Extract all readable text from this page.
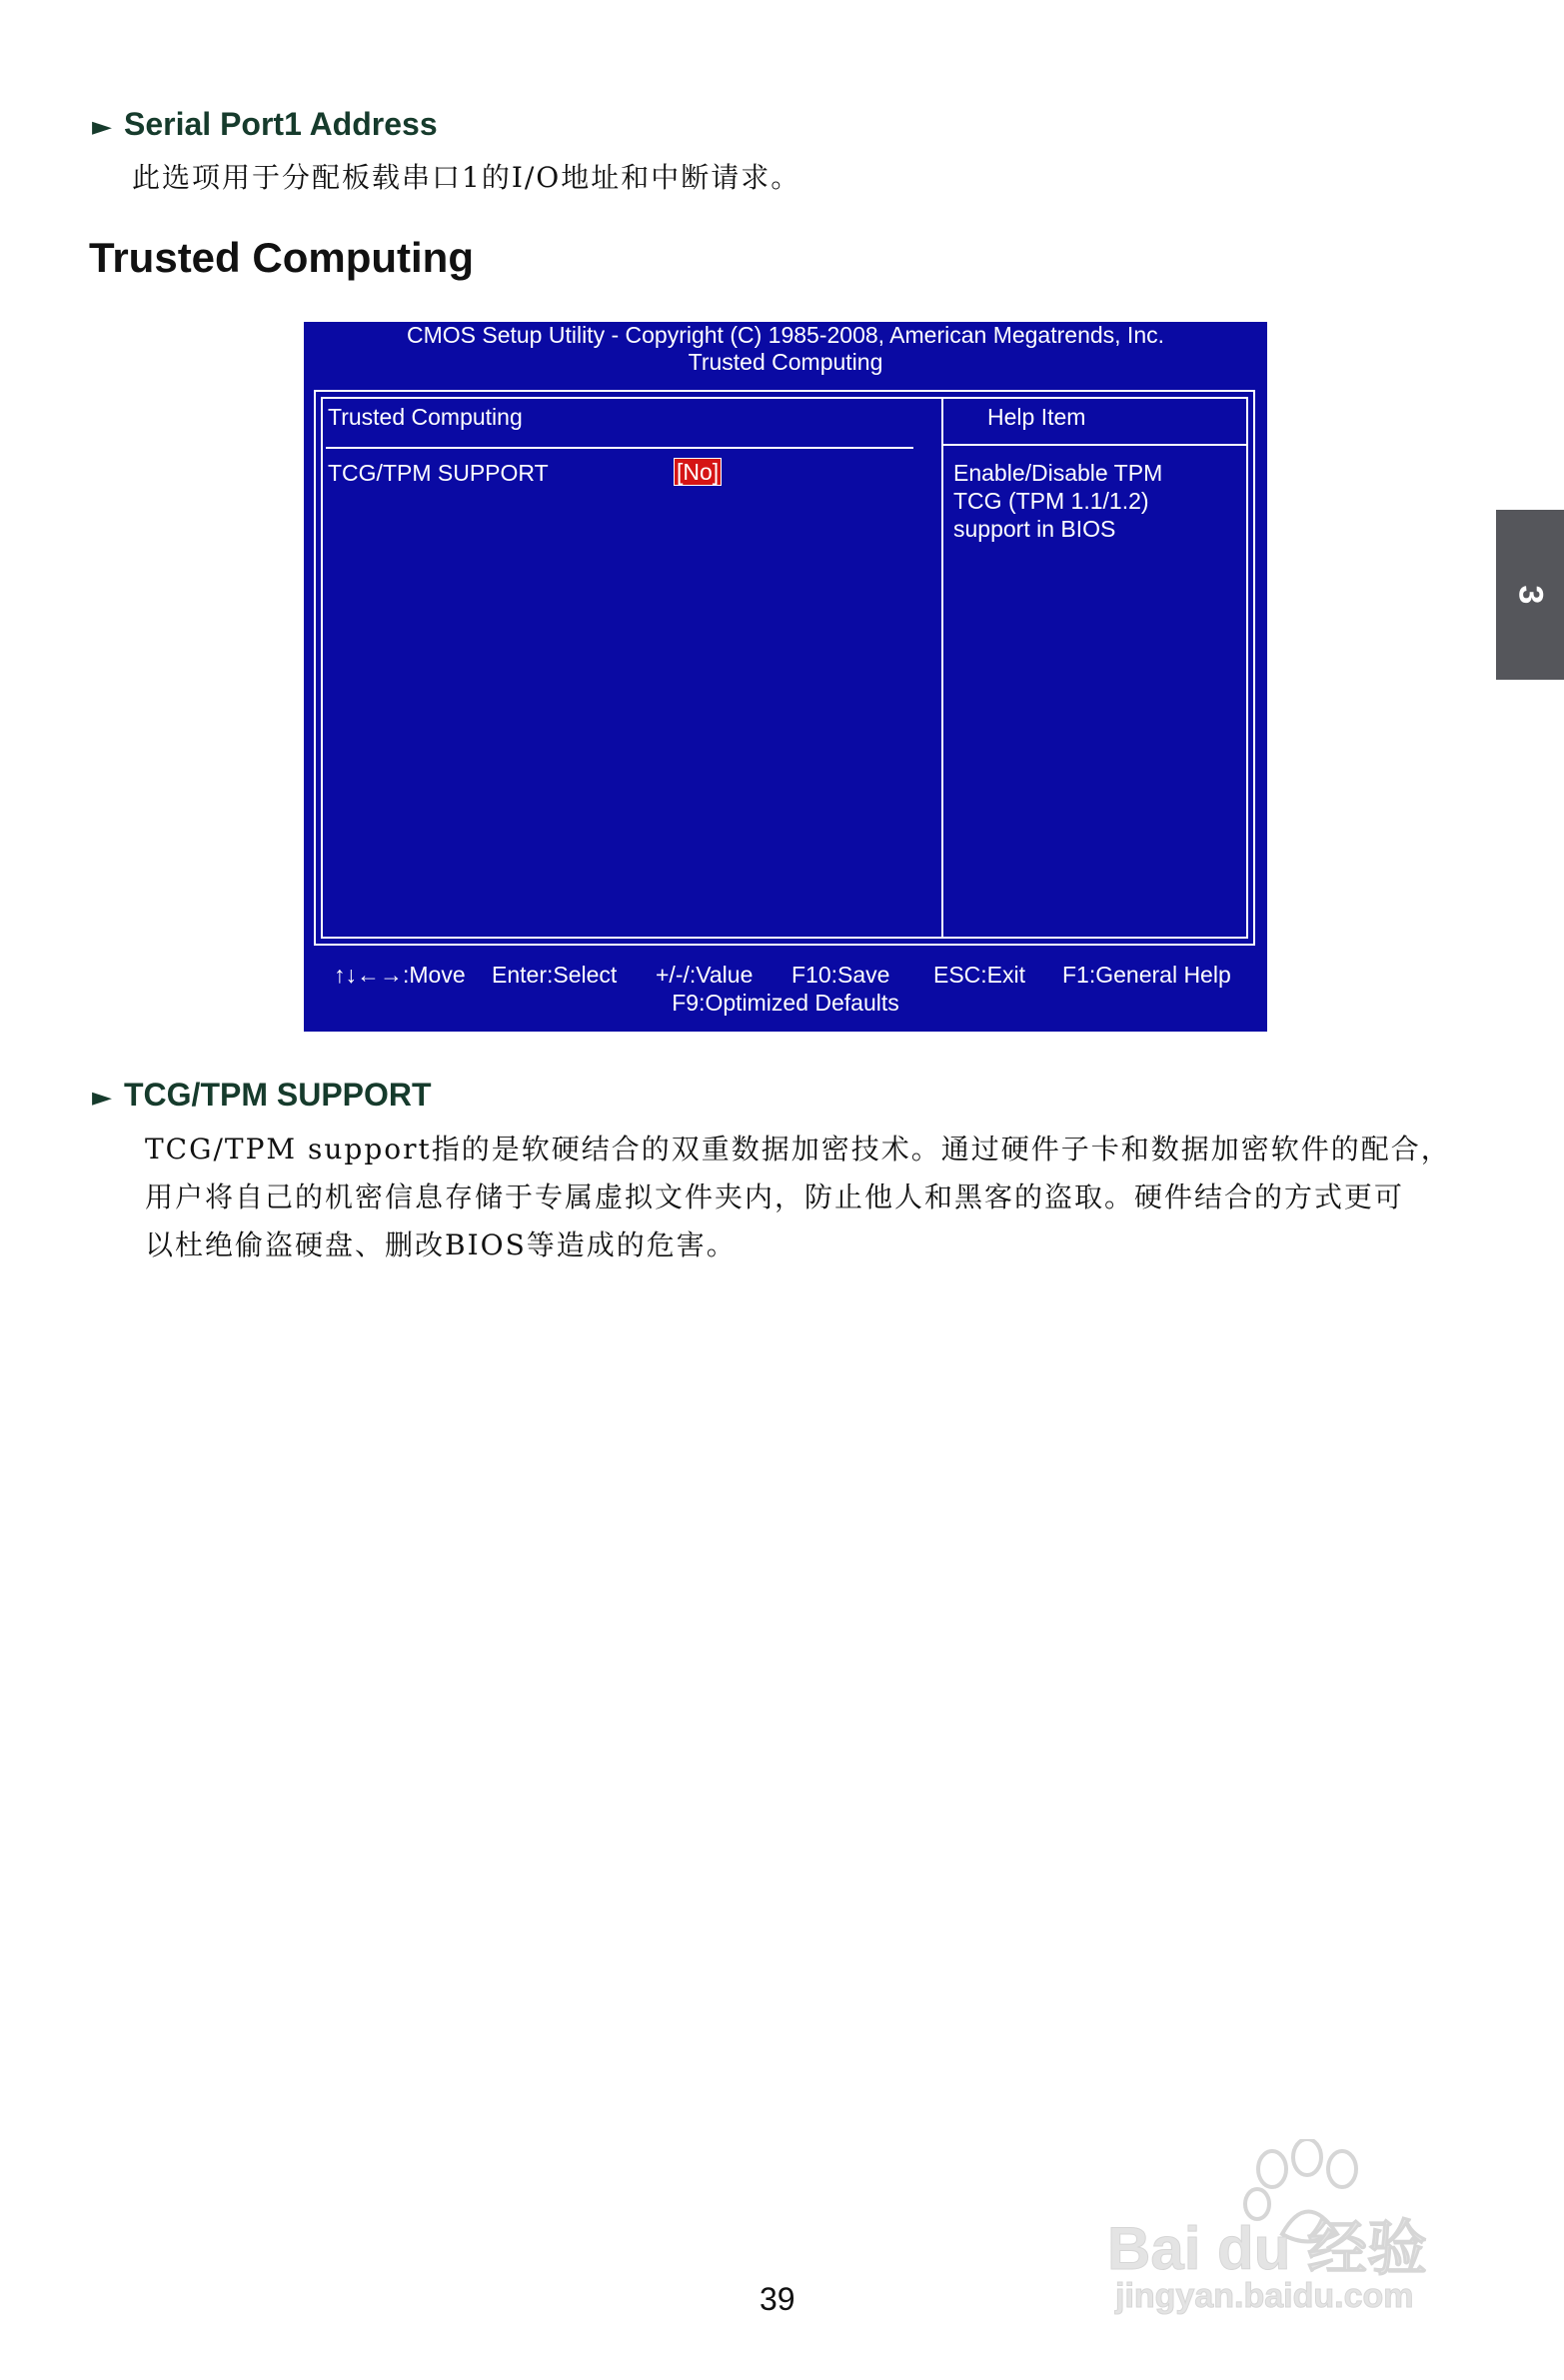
► Serial Port1 Address
此选项用于分配板载串口1的I/O地址和中断请求。
Trusted Computing
CMOS Setup Utility - Copyright (C) 1985-2008, American Megatrends, Inc.
Trusted Computing
Trusted Computing
TCG/TPM SUPPORT	[No]
Help Item
Enable/Disable TPM
TCG (TPM 1.1/1.2)
support in BIOS
↑↓←→:Move Enter:Select +/-/:Value F10:Save ESC:Exit F1:General Help
F9:Optimized Defaults
► TCG/TPM SUPPORT
TCG/TPM support指的是软硬结合的双重数据加密技术。通过硬件子卡和数据加密软件的配合，
用户将自己的机密信息存储于专属虚拟文件夹内，防止他人和黑客的盗取。硬件结合的方式更可
以杜绝偷盗硬盘、删改BIOS等造成的危害。
3
39
Bai du 经验
jingyan.baidu.com
